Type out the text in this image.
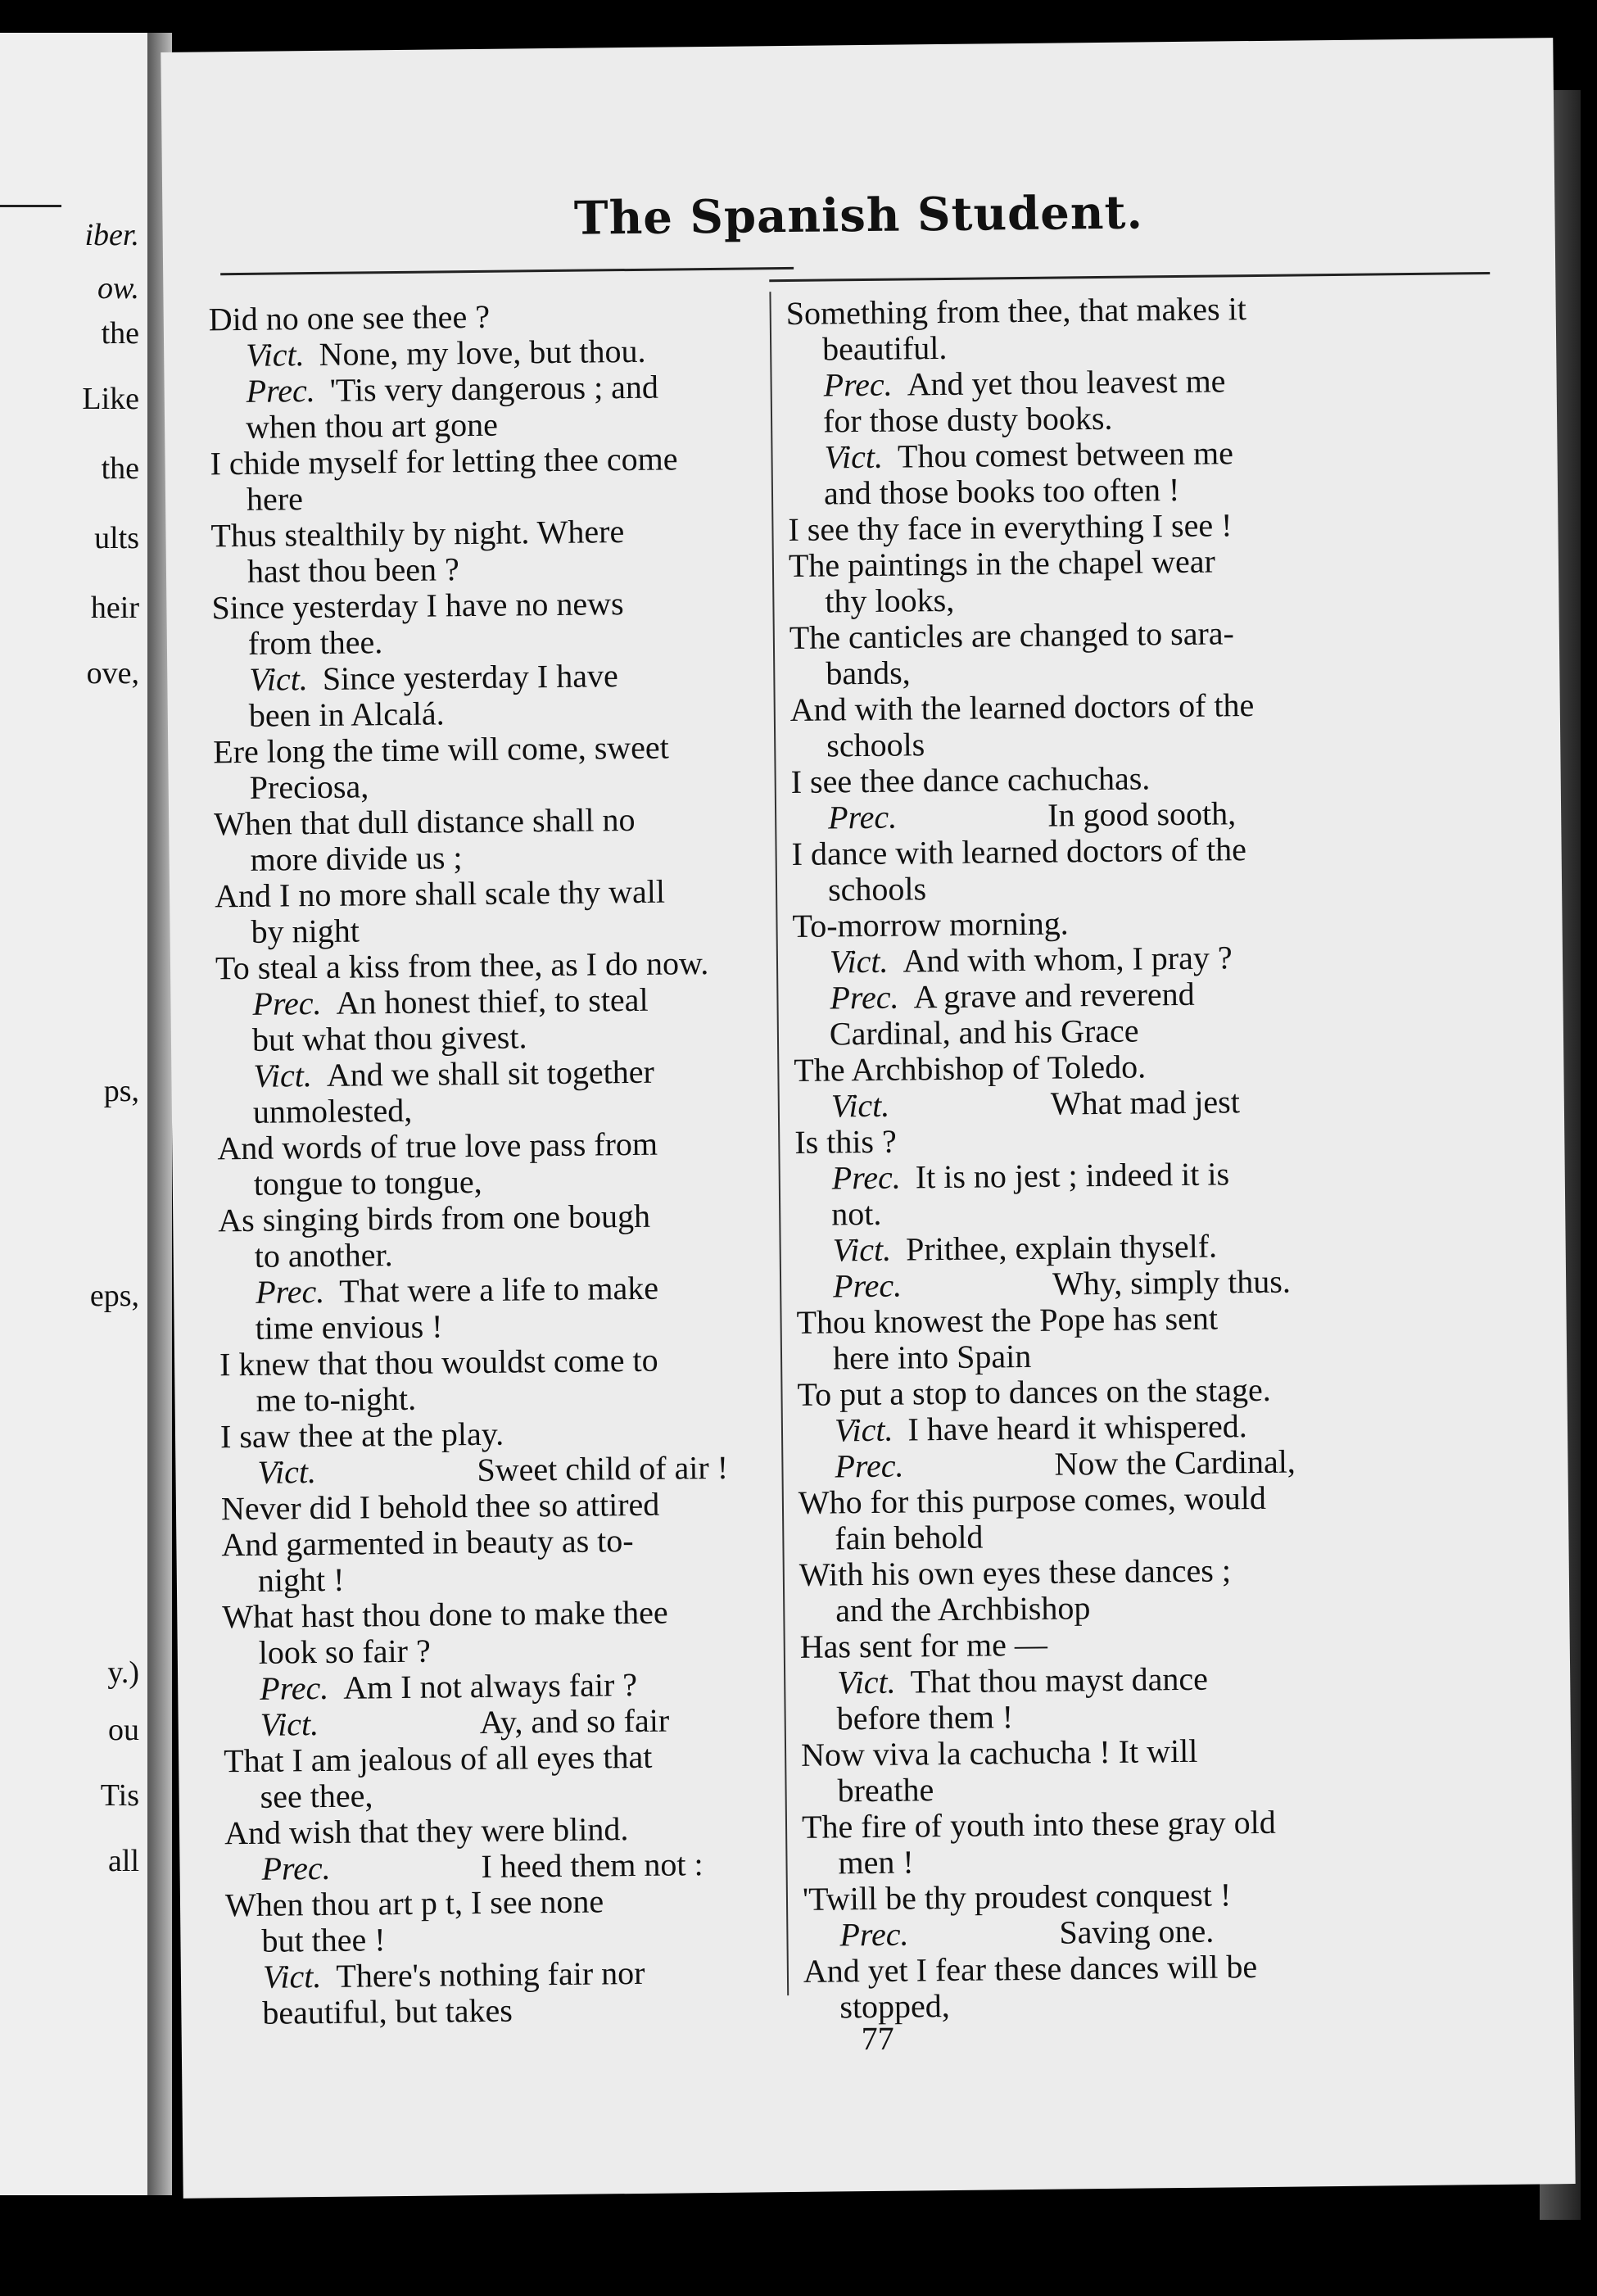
iber.
ow.
the
Like
the
ults
heir
ove,
ps,
eps,
y.)
ou
Tis
all
The Spanish Student.
Did no one see thee ?
Vict. None, my love, but thou.
Prec. 'Tis very dangerous ; and
when thou art gone
I chide myself for letting thee come
here
Thus stealthily by night. Where
hast thou been ?
Since yesterday I have no news
from thee.
Vict. Since yesterday I have
been in Alcalá.
Ere long the time will come, sweet
Preciosa,
When that dull distance shall no
more divide us ;
And I no more shall scale thy wall
by night
To steal a kiss from thee, as I do now.
Prec. An honest thief, to steal
but what thou givest.
Vict. And we shall sit together
unmolested,
And words of true love pass from
tongue to tongue,
As singing birds from one bough
to another.
Prec. That were a life to make
time envious !
I knew that thou wouldst come to
me to-night.
I saw thee at the play.
Vict.	Sweet child of air !
Never did I behold thee so attired
And garmented in beauty as to-
night !
What hast thou done to make thee
look so fair ?
Prec. Am I not always fair ?
Vict.	Ay, and so fair
That I am jealous of all eyes that
see thee,
And wish that they were blind.
Prec.	I heed them not :
When thou art p t, I see none
but thee !
Vict. There's nothing fair nor
beautiful, but takes
Something from thee, that makes it
beautiful.
Prec. And yet thou leavest me
for those dusty books.
Vict. Thou comest between me
and those books too often !
I see thy face in everything I see !
The paintings in the chapel wear
thy looks,
The canticles are changed to sara-
bands,
And with the learned doctors of the
schools
I see thee dance cachuchas.
Prec.	In good sooth,
I dance with learned doctors of the
schools
To-morrow morning.
Vict. And with whom, I pray ?
Prec. A grave and reverend
Cardinal, and his Grace
The Archbishop of Toledo.
Vict.	What mad jest
Is this ?
Prec. It is no jest ; indeed it is
not.
Vict. Prithee, explain thyself.
Prec.	Why, simply thus.
Thou knowest the Pope has sent
here into Spain
To put a stop to dances on the stage.
Vict. I have heard it whispered.
Prec.	Now the Cardinal,
Who for this purpose comes, would
fain behold
With his own eyes these dances ;
and the Archbishop
Has sent for me —
Vict. That thou mayst dance
before them !
Now viva la cachucha ! It will
breathe
The fire of youth into these gray old
men !
'Twill be thy proudest conquest !
Prec.	Saving one.
And yet I fear these dances will be
stopped,
77
